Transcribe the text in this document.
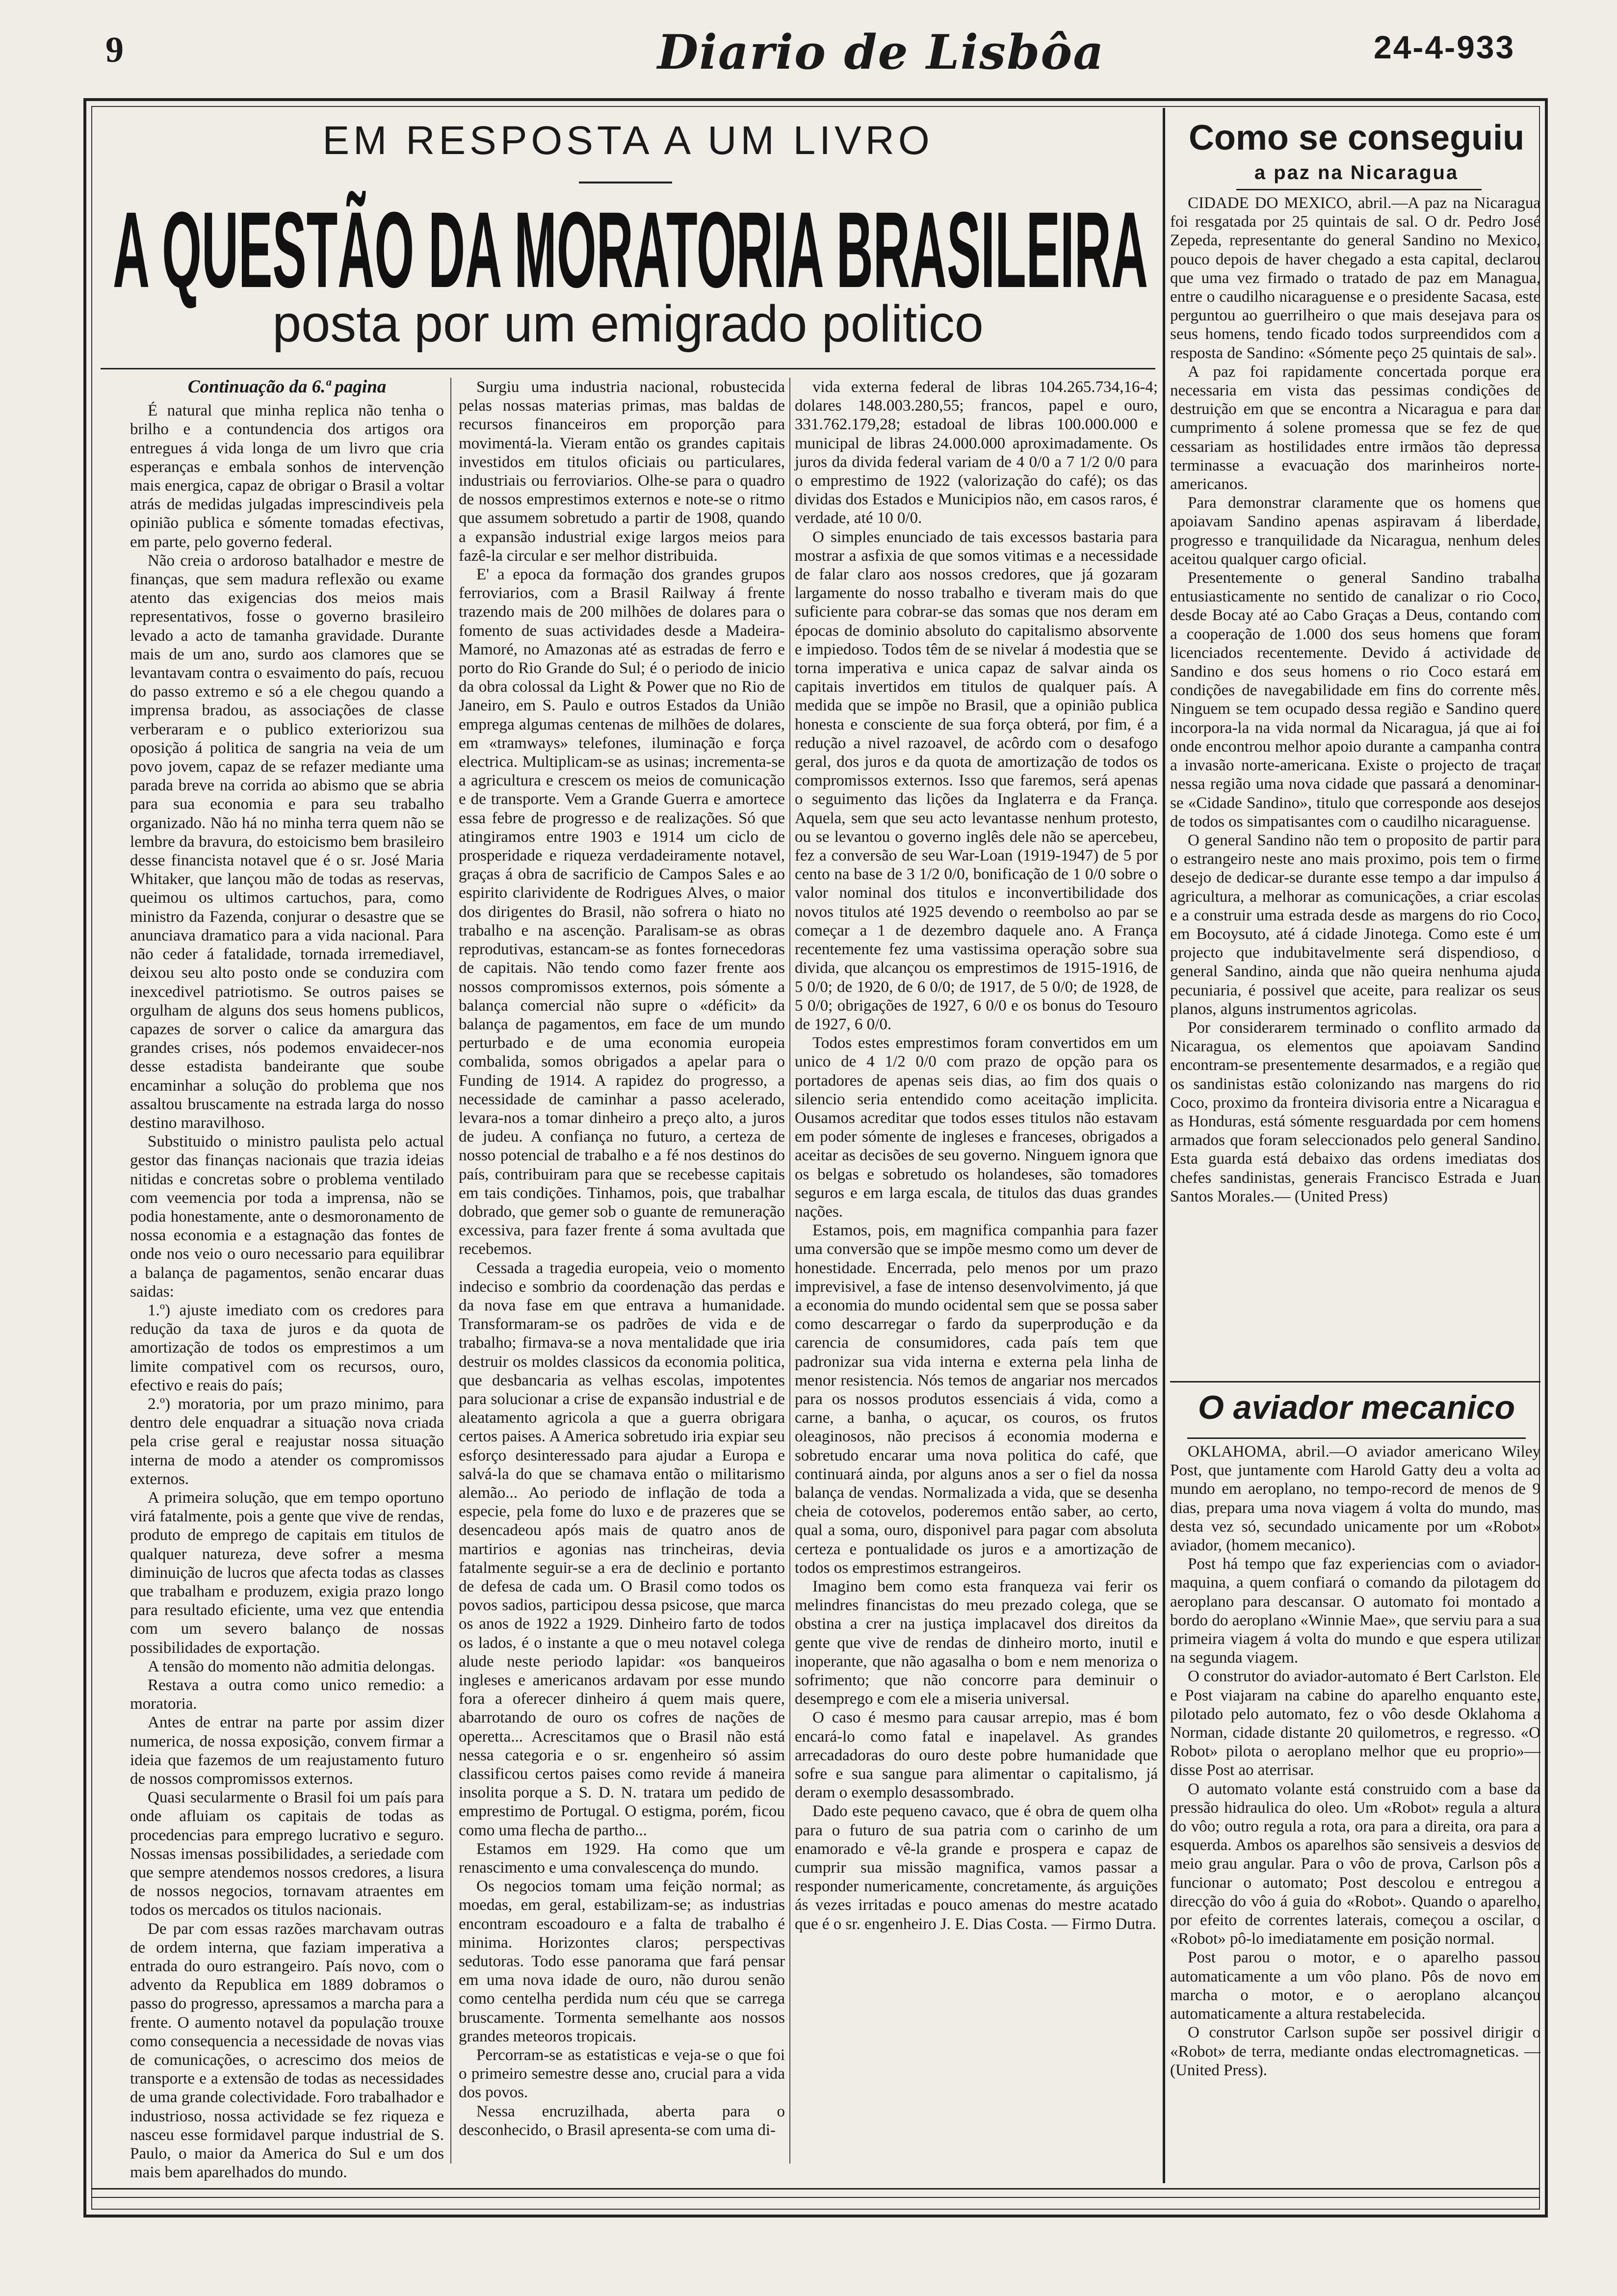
9	Diario de Lisbôa	24-4-933
EM RESPOSTA A UM LIVRO
A QUESTÃO DA MORATORIA BRASILEIRA
posta por um emigrado politico

Continuação da 6.ª pagina

É natural que minha replica não tenha o brilho e a contundencia dos artigos ora entregues á vida longa de um livro que cria esperanças e embala sonhos de intervenção mais energica, capaz de obrigar o Brasil a voltar atrás de medidas julgadas imprescindiveis pela opinião publica e sómente tomadas efectivas, em parte, pelo governo federal.

Não creia o ardoroso batalhador e mestre de finanças, que sem madura reflexão ou exame atento das exigencias dos meios mais representativos, fosse o governo brasileiro levado a acto de tamanha gravidade. Durante mais de um ano, surdo aos clamores que se levantavam contra o esvaimento do país, recuou do passo extremo e só a ele chegou quando a imprensa bradou, as associações de classe verberaram e o publico exteriorizou sua oposição á politica de sangria na veia de um povo jovem, capaz de se refazer mediante uma parada breve na corrida ao abismo que se abria para sua economia e para seu trabalho organizado. Não há no minha terra quem não se lembre da bravura, do estoicismo bem brasileiro desse financista notavel que é o sr. José Maria Whitaker, que lançou mão de todas as reservas, queimou os ultimos cartuchos, para, como ministro da Fazenda, conjurar o desastre que se anunciava dramatico para a vida nacional. Para não ceder á fatalidade, tornada irremediavel, deixou seu alto posto onde se conduzira com inexcedivel patriotismo. Se outros paises se orgulham de alguns dos seus homens publicos, capazes de sorver o calice da amargura das grandes crises, nós podemos envaidecer-nos desse estadista bandeirante que soube encaminhar a solução do problema que nos assaltou bruscamente na estrada larga do nosso destino maravilhoso.

Substituido o ministro paulista pelo actual gestor das finanças nacionais que trazia ideias nitidas e concretas sobre o problema ventilado com veemencia por toda a imprensa, não se podia honestamente, ante o desmoronamento de nossa economia e a estagnação das fontes de onde nos veio o ouro necessario para equilibrar a balança de pagamentos, senão encarar duas saidas:

1.º) ajuste imediato com os credores para redução da taxa de juros e da quota de amortização de todos os emprestimos a um limite compativel com os recursos, ouro, efectivo e reais do país;

2.º) moratoria, por um prazo minimo, para dentro dele enquadrar a situação nova criada pela crise geral e reajustar nossa situação interna de modo a atender os compromissos externos.

A primeira solução, que em tempo oportuno virá fatalmente, pois a gente que vive de rendas, produto de emprego de capitais em titulos de qualquer natureza, deve sofrer a mesma diminuição de lucros que afecta todas as classes que trabalham e produzem, exigia prazo longo para resultado eficiente, uma vez que entendia com um severo balanço de nossas possibilidades de exportação.

A tensão do momento não admitia delongas.

Restava a outra como unico remedio: a moratoria.

Antes de entrar na parte por assim dizer numerica, de nossa exposição, convem firmar a ideia que fazemos de um reajustamento futuro de nossos compromissos externos.

Quasi secularmente o Brasil foi um país para onde afluiam os capitais de todas as procedencias para emprego lucrativo e seguro. Nossas imensas possibilidades, a seriedade com que sempre atendemos nossos credores, a lisura de nossos negocios, tornavam atraentes em todos os mercados os titulos nacionais.

De par com essas razões marchavam outras de ordem interna, que faziam imperativa a entrada do ouro estrangeiro. País novo, com o advento da Republica em 1889 dobramos o passo do progresso, apressamos a marcha para a frente. O aumento notavel da população trouxe como consequencia a necessidade de novas vias de comunicações, o acrescimo dos meios de transporte e a extensão de todas as necessidades de uma grande colectividade. Foro trabalhador e industrioso, nossa actividade se fez riqueza e nasceu esse formidavel parque industrial de S. Paulo, o maior da America do Sul e um dos mais bem aparelhados do mundo.

Surgiu uma industria nacional, robustecida pelas nossas materias primas, mas baldas de recursos financeiros em proporção para movimentá-la. Vieram então os grandes capitais investidos em titulos oficiais ou particulares, industriais ou ferroviarios. Olhe-se para o quadro de nossos emprestimos externos e note-se o ritmo que assumem sobretudo a partir de 1908, quando a expansão industrial exige largos meios para fazê-la circular e ser melhor distribuida.

E' a epoca da formação dos grandes grupos ferroviarios, com a Brasil Railway á frente trazendo mais de 200 milhões de dolares para o fomento de suas actividades desde a Madeira-Mamoré, no Amazonas até as estradas de ferro e porto do Rio Grande do Sul; é o periodo de inicio da obra colossal da Light & Power que no Rio de Janeiro, em S. Paulo e outros Estados da União emprega algumas centenas de milhões de dolares, em «tramways» telefones, iluminação e força electrica. Multiplicam-se as usinas; incrementa-se a agricultura e crescem os meios de comunicação e de transporte. Vem a Grande Guerra e amortece essa febre de progresso e de realizações. Só que atingiramos entre 1903 e 1914 um ciclo de prosperidade e riqueza verdadeiramente notavel, graças á obra de sacrificio de Campos Sales e ao espirito clarividente de Rodrigues Alves, o maior dos dirigentes do Brasil, não sofrera o hiato no trabalho e na ascenção. Paralisam-se as obras reprodutivas, estancam-se as fontes fornecedoras de capitais. Não tendo como fazer frente aos nossos compromissos externos, pois sómente a balança comercial não supre o «déficit» da balança de pagamentos, em face de um mundo perturbado e de uma economia europeia combalida, somos obrigados a apelar para o Funding de 1914. A rapidez do progresso, a necessidade de caminhar a passo acelerado, levara-nos a tomar dinheiro a preço alto, a juros de judeu. A confiança no futuro, a certeza de nosso potencial de trabalho e a fé nos destinos do país, contribuiram para que se recebesse capitais em tais condições. Tinhamos, pois, que trabalhar dobrado, que gemer sob o guante de remuneração excessiva, para fazer frente á soma avultada que recebemos.

Cessada a tragedia europeia, veio o momento indeciso e sombrio da coordenação das perdas e da nova fase em que entrava a humanidade. Transformaram-se os padrões de vida e de trabalho; firmava-se a nova mentalidade que iria destruir os moldes classicos da economia politica, que desbancaria as velhas escolas, impotentes para solucionar a crise de expansão industrial e de aleatamento agricola a que a guerra obrigara certos paises. A America sobretudo iria expiar seu esforço desinteressado para ajudar a Europa e salvá-la do que se chamava então o militarismo alemão... Ao periodo de inflação de toda a especie, pela fome do luxo e de prazeres que se desencadeou após mais de quatro anos de martirios e agonias nas trincheiras, devia fatalmente seguir-se a era de declinio e portanto de defesa de cada um. O Brasil como todos os povos sadios, participou dessa psicose, que marca os anos de 1922 a 1929. Dinheiro farto de todos os lados, é o instante a que o meu notavel colega alude neste periodo lapidar: «os banqueiros ingleses e americanos ardavam por esse mundo fora a oferecer dinheiro á quem mais quere, abarrotando de ouro os cofres de nações de operetta... Acrescitamos que o Brasil não está nessa categoria e o sr. engenheiro só assim classificou certos paises como revide á maneira insolita porque a S. D. N. tratara um pedido de emprestimo de Portugal. O estigma, porém, ficou como uma flecha de partho...

Estamos em 1929. Ha como que um renascimento e uma convalescença do mundo.

Os negocios tomam uma feição normal; as moedas, em geral, estabilizam-se; as industrias encontram escoadouro e a falta de trabalho é minima. Horizontes claros; perspectivas sedutoras. Todo esse panorama que fará pensar em uma nova idade de ouro, não durou senão como centelha perdida num céu que se carrega bruscamente. Tormenta semelhante aos nossos grandes meteoros tropicais.

Percorram-se as estatisticas e veja-se o que foi o primeiro semestre desse ano, crucial para a vida dos povos.

Nessa encruzilhada, aberta para o desconhecido, o Brasil apresenta-se com uma di-

vida externa federal de libras 104.265.734,16-4; dolares 148.003.280,55; francos, papel e ouro, 331.762.179,28; estadoal de libras 100.000.000 e municipal de libras 24.000.000 aproximadamente. Os juros da divida federal variam de 4 0/0 a 7 1/2 0/0 para o emprestimo de 1922 (valorização do café); os das dividas dos Estados e Municipios não, em casos raros, é verdade, até 10 0/0.

O simples enunciado de tais excessos bastaria para mostrar a asfixia de que somos vitimas e a necessidade de falar claro aos nossos credores, que já gozaram largamente do nosso trabalho e tiveram mais do que suficiente para cobrar-se das somas que nos deram em épocas de dominio absoluto do capitalismo absorvente e impiedoso. Todos têm de se nivelar á modestia que se torna imperativa e unica capaz de salvar ainda os capitais invertidos em titulos de qualquer país. A medida que se impõe no Brasil, que a opinião publica honesta e consciente de sua força obterá, por fim, é a redução a nivel razoavel, de acôrdo com o desafogo geral, dos juros e da quota de amortização de todos os compromissos externos. Isso que faremos, será apenas o seguimento das lições da Inglaterra e da França. Aquela, sem que seu acto levantasse nenhum protesto, ou se levantou o governo inglês dele não se apercebeu, fez a conversão de seu War-Loan (1919-1947) de 5 por cento na base de 3 1/2 0/0, bonificação de 1 0/0 sobre o valor nominal dos titulos e inconvertibilidade dos novos titulos até 1925 devendo o reembolso ao par se começar a 1 de dezembro daquele ano. A França recentemente fez uma vastissima operação sobre sua divida, que alcançou os emprestimos de 1915-1916, de 5 0/0; de 1920, de 6 0/0; de 1917, de 5 0/0; de 1928, de 5 0/0; obrigações de 1927, 6 0/0 e os bonus do Tesouro de 1927, 6 0/0.

Todos estes emprestimos foram convertidos em um unico de 4 1/2 0/0 com prazo de opção para os portadores de apenas seis dias, ao fim dos quais o silencio seria entendido como aceitação implicita. Ousamos acreditar que todos esses titulos não estavam em poder sómente de ingleses e franceses, obrigados a aceitar as decisões de seu governo. Ninguem ignora que os belgas e sobretudo os holandeses, são tomadores seguros e em larga escala, de titulos das duas grandes nações.

Estamos, pois, em magnifica companhia para fazer uma conversão que se impõe mesmo como um dever de honestidade. Encerrada, pelo menos por um prazo imprevisivel, a fase de intenso desenvolvimento, já que a economia do mundo ocidental sem que se possa saber como descarregar o fardo da superprodução e da carencia de consumidores, cada país tem que padronizar sua vida interna e externa pela linha de menor resistencia. Nós temos de angariar nos mercados para os nossos produtos essenciais á vida, como a carne, a banha, o açucar, os couros, os frutos oleaginosos, não precisos á economia moderna e sobretudo encarar uma nova politica do café, que continuará ainda, por alguns anos a ser o fiel da nossa balança de vendas. Normalizada a vida, que se desenha cheia de cotovelos, poderemos então saber, ao certo, qual a soma, ouro, disponivel para pagar com absoluta certeza e pontualidade os juros e a amortização de todos os emprestimos estrangeiros.

Imagino bem como esta franqueza vai ferir os melindres financistas do meu prezado colega, que se obstina a crer na justiça implacavel dos direitos da gente que vive de rendas de dinheiro morto, inutil e inoperante, que não agasalha o bom e nem menoriza o sofrimento; que não concorre para deminuir o desemprego e com ele a miseria universal.

O caso é mesmo para causar arrepio, mas é bom encará-lo como fatal e inapelavel. As grandes arrecadadoras do ouro deste pobre humanidade que sofre e sua sangue para alimentar o capitalismo, já deram o exemplo desassombrado.

Dado este pequeno cavaco, que é obra de quem olha para o futuro de sua patria com o carinho de um enamorado e vê-la grande e prospera e capaz de cumprir sua missão magnifica, vamos passar a responder numericamente, concretamente, ás arguições ás vezes irritadas e pouco amenas do mestre acatado que é o sr. engenheiro J. E. Dias Costa. — Firmo Dutra.

Como se conseguiu
a paz na Nicaragua

CIDADE DO MEXICO, abril.—A paz na Nicaragua foi resgatada por 25 quintais de sal. O dr. Pedro José Zepeda, representante do general Sandino no Mexico, pouco depois de haver chegado a esta capital, declarou que uma vez firmado o tratado de paz em Managua, entre o caudilho nicaraguense e o presidente Sacasa, este perguntou ao guerrilheiro o que mais desejava para os seus homens, tendo ficado todos surpreendidos com a resposta de Sandino: «Sómente peço 25 quintais de sal».

A paz foi rapidamente concertada porque era necessaria em vista das pessimas condições de destruição em que se encontra a Nicaragua e para dar cumprimento á solene promessa que se fez de que cessariam as hostilidades entre irmãos tão depressa terminasse a evacuação dos marinheiros norte-americanos.

Para demonstrar claramente que os homens que apoiavam Sandino apenas aspiravam á liberdade, progresso e tranquilidade da Nicaragua, nenhum deles aceitou qualquer cargo oficial.

Presentemente o general Sandino trabalha entusiasticamente no sentido de canalizar o rio Coco, desde Bocay até ao Cabo Graças a Deus, contando com a cooperação de 1.000 dos seus homens que foram licenciados recentemente. Devido á actividade de Sandino e dos seus homens o rio Coco estará em condições de navegabilidade em fins do corrente mês. Ninguem se tem ocupado dessa região e Sandino quere incorpora-la na vida normal da Nicaragua, já que ai foi onde encontrou melhor apoio durante a campanha contra a invasão norte-americana. Existe o projecto de traçar nessa região uma nova cidade que passará a denominar-se «Cidade Sandino», titulo que corresponde aos desejos de todos os simpatisantes com o caudilho nicaraguense.

O general Sandino não tem o proposito de partir para o estrangeiro neste ano mais proximo, pois tem o firme desejo de dedicar-se durante esse tempo a dar impulso á agricultura, a melhorar as comunicações, a criar escolas e a construir uma estrada desde as margens do rio Coco, em Bocoysuto, até á cidade Jinotega. Como este é um projecto que indubitavelmente será dispendioso, o general Sandino, ainda que não queira nenhuma ajuda pecuniaria, é possivel que aceite, para realizar os seus planos, alguns instrumentos agricolas.

Por considerarem terminado o conflito armado da Nicaragua, os elementos que apoiavam Sandino encontram-se presentemente desarmados, e a região que os sandinistas estão colonizando nas margens do rio Coco, proximo da fronteira divisoria entre a Nicaragua e as Honduras, está sómente resguardada por cem homens armados que foram seleccionados pelo general Sandino. Esta guarda está debaixo das ordens imediatas dos chefes sandinistas, generais Francisco Estrada e Juan Santos Morales.— (United Press)

O aviador mecanico

OKLAHOMA, abril.—O aviador americano Wiley Post, que juntamente com Harold Gatty deu a volta ao mundo em aeroplano, no tempo-record de menos de 9 dias, prepara uma nova viagem á volta do mundo, mas desta vez só, secundado unicamente por um «Robot» aviador, (homem mecanico).

Post há tempo que faz experiencias com o aviador-maquina, a quem confiará o comando da pilotagem do aeroplano para descansar. O automato foi montado a bordo do aeroplano «Winnie Mae», que serviu para a sua primeira viagem á volta do mundo e que espera utilizar na segunda viagem.

O construtor do aviador-automato é Bert Carlston. Ele e Post viajaram na cabine do aparelho enquanto este, pilotado pelo automato, fez o vôo desde Oklahoma a Norman, cidade distante 20 quilometros, e regresso. «O Robot» pilota o aeroplano melhor que eu proprio»—disse Post ao aterrisar.

O automato volante está construido com a base da pressão hidraulica do oleo. Um «Robot» regula a altura do vôo; outro regula a rota, ora para a direita, ora para a esquerda. Ambos os aparelhos são sensiveis a desvios de meio grau angular. Para o vôo de prova, Carlson pôs a funcionar o automato; Post descolou e entregou a direcção do vôo á guia do «Robot». Quando o aparelho, por efeito de correntes laterais, começou a oscilar, o «Robot» pô-lo imediatamente em posição normal.

Post parou o motor, e o aparelho passou automaticamente a um vôo plano. Pôs de novo em marcha o motor, e o aeroplano alcançou automaticamente a altura restabelecida.

O construtor Carlson supõe ser possivel dirigir o «Robot» de terra, mediante ondas electromagneticas. — (United Press).
